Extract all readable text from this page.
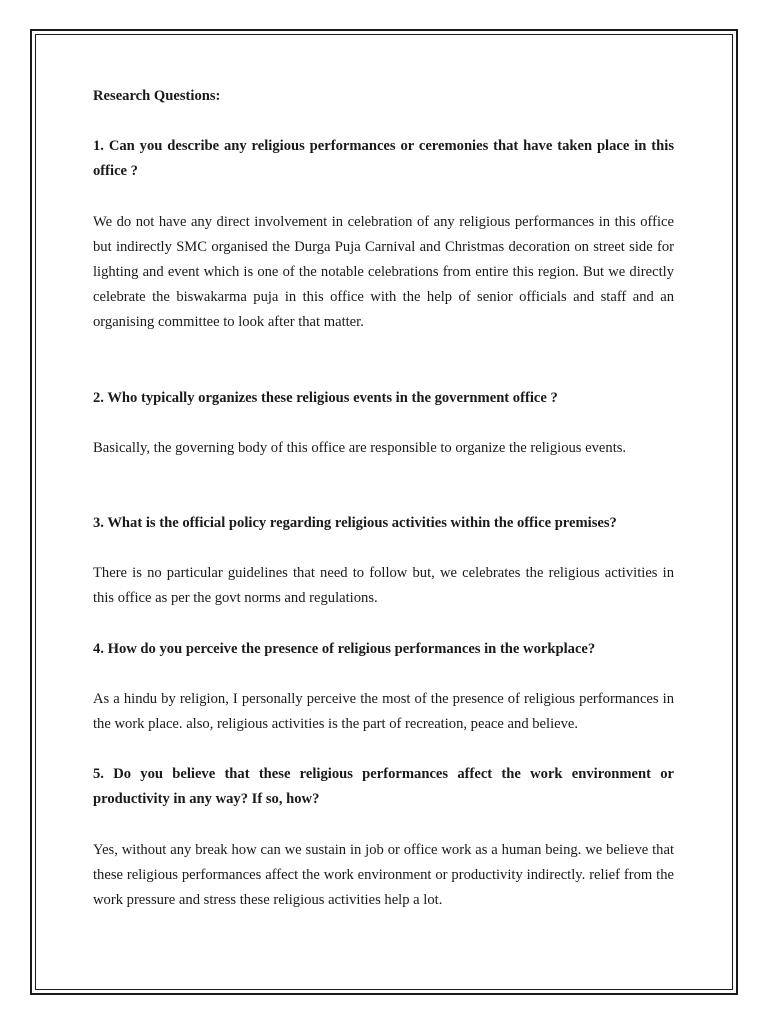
Research Questions:

1. Can you describe any religious performances or ceremonies that have taken place in this office ?

We do not have any direct involvement in celebration of any religious performances in this office but indirectly SMC organised the Durga Puja Carnival and Christmas decoration on street side for lighting and event which is one of the notable celebrations from entire this region. But we directly celebrate the biswakarma puja in this office with the help of senior officials and staff and an organising committee to look after that matter.

2. Who typically organizes these religious events in the government office ?

Basically, the governing body of this office are responsible to organize the religious events.

3. What is the official policy regarding religious activities within the office premises?

There is no particular guidelines that need to follow but, we celebrates the religious activities in this office as per the govt norms and regulations.

4. How do you perceive the presence of religious performances in the workplace?

As a hindu by religion, I personally perceive the most of the presence of religious performances in the work place. also, religious activities is the part of recreation, peace and believe.

5. Do you believe that these religious performances affect the work environment or productivity in any way? If so, how?

Yes, without any break how can we sustain in job or office work as a human being. we believe that these religious performances affect the work environment or productivity indirectly. relief from the work pressure and stress these religious activities help a lot.
